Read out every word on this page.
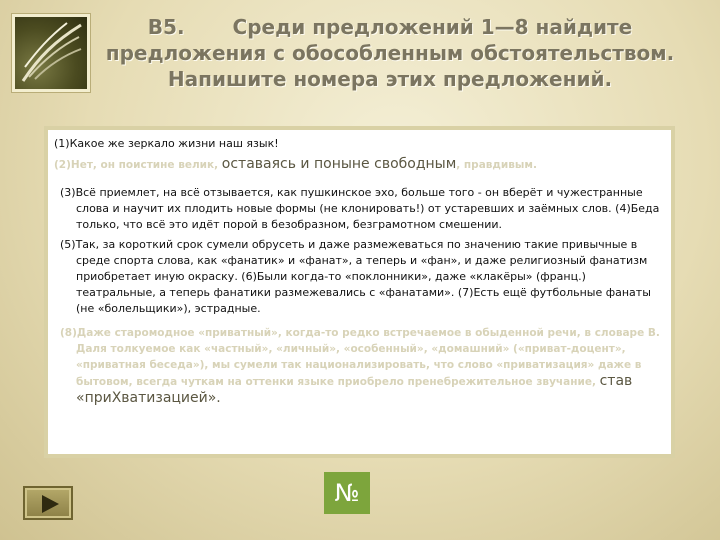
B5. Среди предложений 1—8 найдите
предложения с обособленным обстоятельством.
Напишите номера этих предложений.

(1)Какое же зеркало жизни наш язык!

(2)Нет, он поистине велик, оставаясь и поныне свободным, правдивым.

(3)Всё приемлет, на всё отзывается, как пушкинское эхо, больше того - он вберёт и чужестранные слова и научит их плодить новые формы (не клонировать!) от устаревших и заёмных слов. (4)Беда только, что всё это идёт порой в безобразном, безграмотном смешении.

(5)Так, за короткий срок сумели обрусеть и даже размежеваться по значению такие привычные в среде спорта слова, как «фанатик» и «фанат», а теперь и «фан», и даже религиозный фанатизм приобретает иную окраску. (6)Были когда-то «поклонники», даже «клакёры» (франц.) театральные, а теперь фанатики размежевались с «фанатами». (7)Есть ещё футбольные фанаты (не «болельщики»), эстрадные.

(8)Даже старомодное «приватный», когда-то редко встречаемое в обыденной речи, в словаре В. Даля толкуемое как «частный», «личный», «особенный», «домашний» («приват-доцент», «приватная беседа»), мы сумели так национализировать, что слово «приватизация» даже в бытовом, всегда чуткам на оттенки языке приобрело пренебрежительное звучание, став «приХватизацией».

№
